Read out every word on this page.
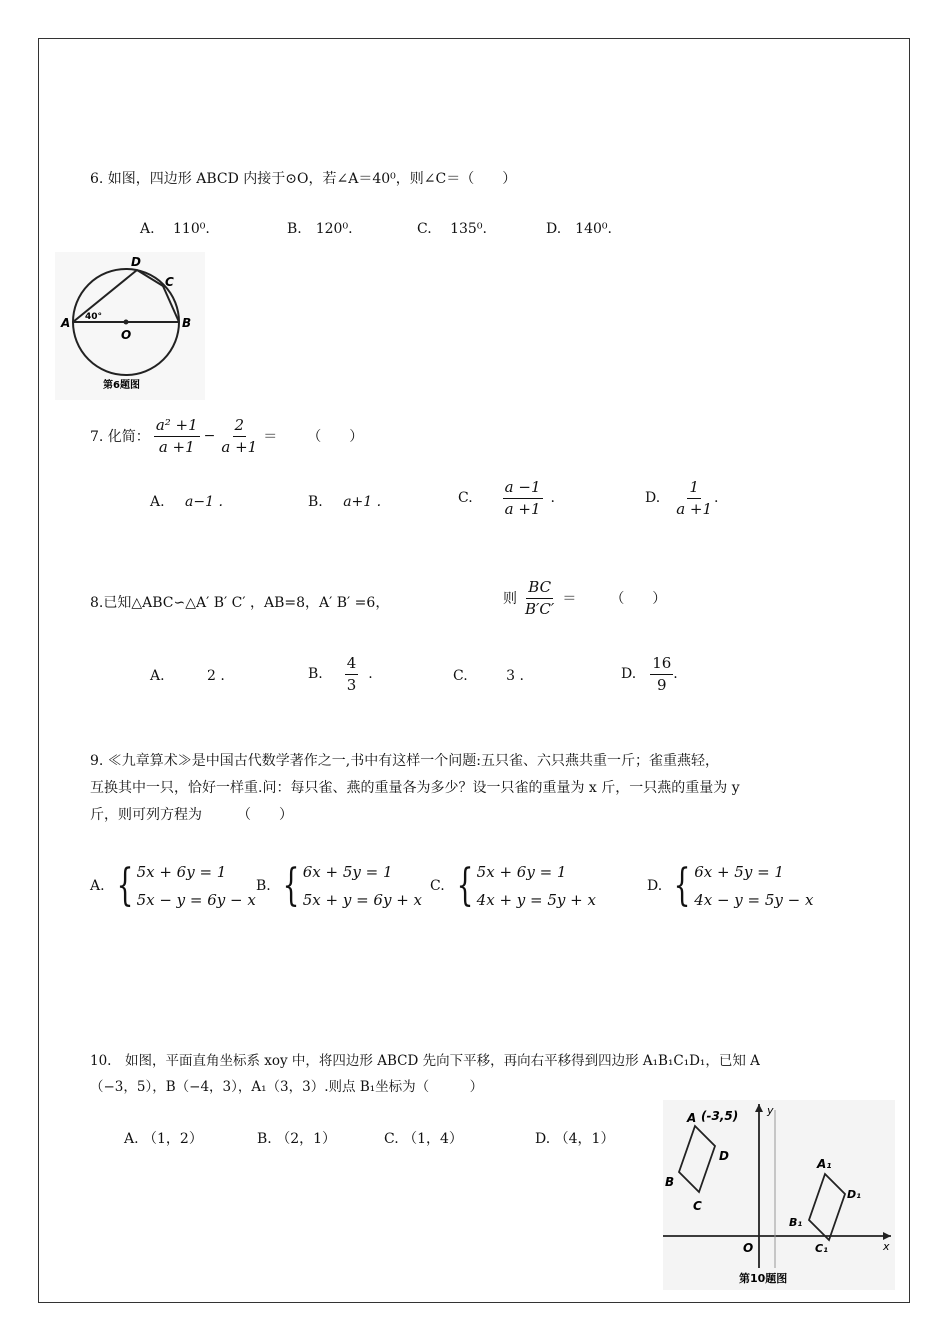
6. 如图，四边形 ABCD 内接于⊙O，若∠A＝40⁰，则∠C＝（　　）
A.　 110⁰.	B.　120⁰.	C.　 135⁰.	D.　140⁰.
A
O
B
C
D
40°
第6题图
7. 化简： $\frac{\text{a² +1}}{a +1} - \frac{2}{a +1}$ ＝ （　　）
A. a−1 .	B. a+1 .	C. $\frac{a -1}{a +1}$ .	D. $\frac{1}{a +1}$ .
8.已知△ABC∽△A′ B′ C′ ，AB=8，A′ B′ =6，	则 $\frac{BC}{B'C'}$ ＝ （　　）
A.	2 .	B. $\frac{4}{3}$ .	C.	3 .	D. $\frac{16}{9}$ .
9. ≪九章算术≫是中国古代数学著作之一,书中有这样一个问题:五只雀、六只燕共重一斤；雀重燕轻，
互换其中一只，恰好一样重.问：每只雀、燕的重量各为多少？设一只雀的重量为 x 斤，一只燕的重量为 y
斤，则可列方程为　　　（　　）
A. { 5x + 6y = 1
5x − y = 6y − x
B. { 6x + 5y = 1
5x + y = 6y + x
C. { 5x + 6y = 1
4x + y = 5y + x
D. { 6x + 5y = 1
4x − y = 5y − x
10.　如图，平面直角坐标系 xoy 中，将四边形 ABCD 先向下平移，再向右平移得到四边形 A₁B₁C₁D₁，已知 A
（−3，5），B（−4，3），A₁（3，3）.则点 B₁坐标为（　　　）
A. （1，2）	B. （2，1）	C. （1，4）	D. （4，1）
A (-3,5)
D
B
C
A₁
D₁
B₁
C₁
O	x
y
第10题图
